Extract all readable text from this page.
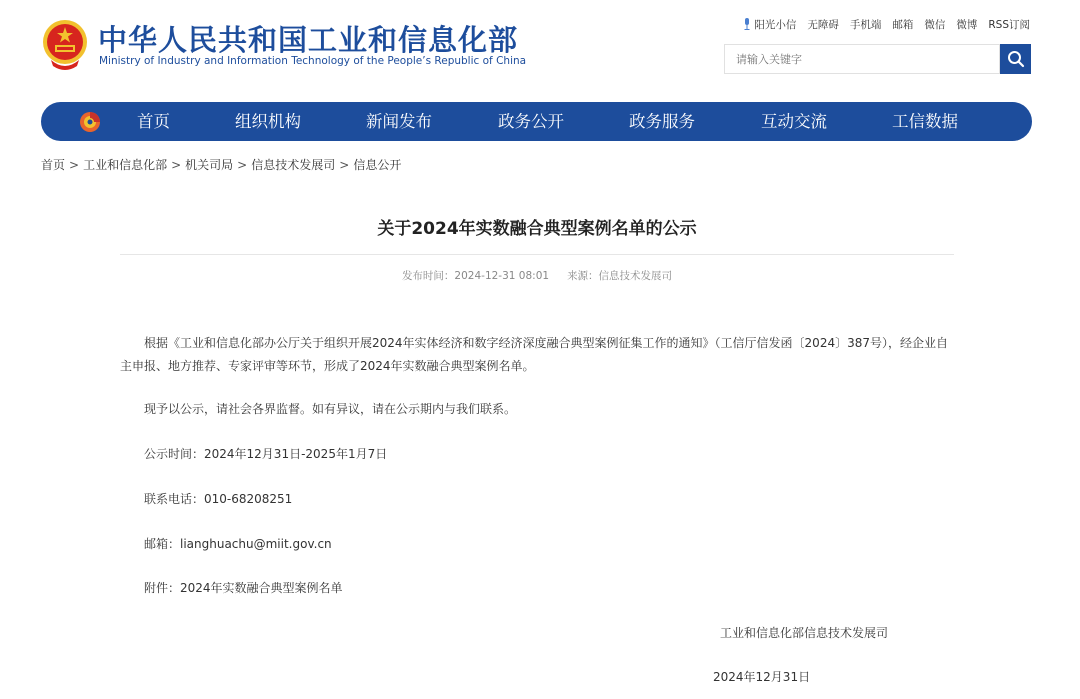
中华人民共和国工业和信息化部
Ministry of Industry and Information Technology of the People’s Republic of China
阳光小信 无障碍 手机端 邮箱 微信 微博 RSS订阅
请输入关键字
首页	组织机构	新闻发布	政务公开	政务服务	互动交流	工信数据
首页 > 工业和信息化部 > 机关司局 > 信息技术发展司 > 信息公开
关于2024年实数融合典型案例名单的公示
发布时间：2024-12-31 08:01 来源：信息技术发展司

根据《工业和信息化部办公厅关于组织开展2024年实体经济和数字经济深度融合典型案例征集工作的通知》（工信厅信发函〔2024〕387号），经企业自主申报、地方推荐、专家评审等环节，形成了2024年实数融合典型案例名单。

现予以公示，请社会各界监督。如有异议，请在公示期内与我们联系。
公示时间：2024年12月31日-2025年1月7日
联系电话：010-68208251
邮箱：lianghuachu@miit.gov.cn
附件：2024年实数融合典型案例名单
工业和信息化部信息技术发展司
2024年12月31日
